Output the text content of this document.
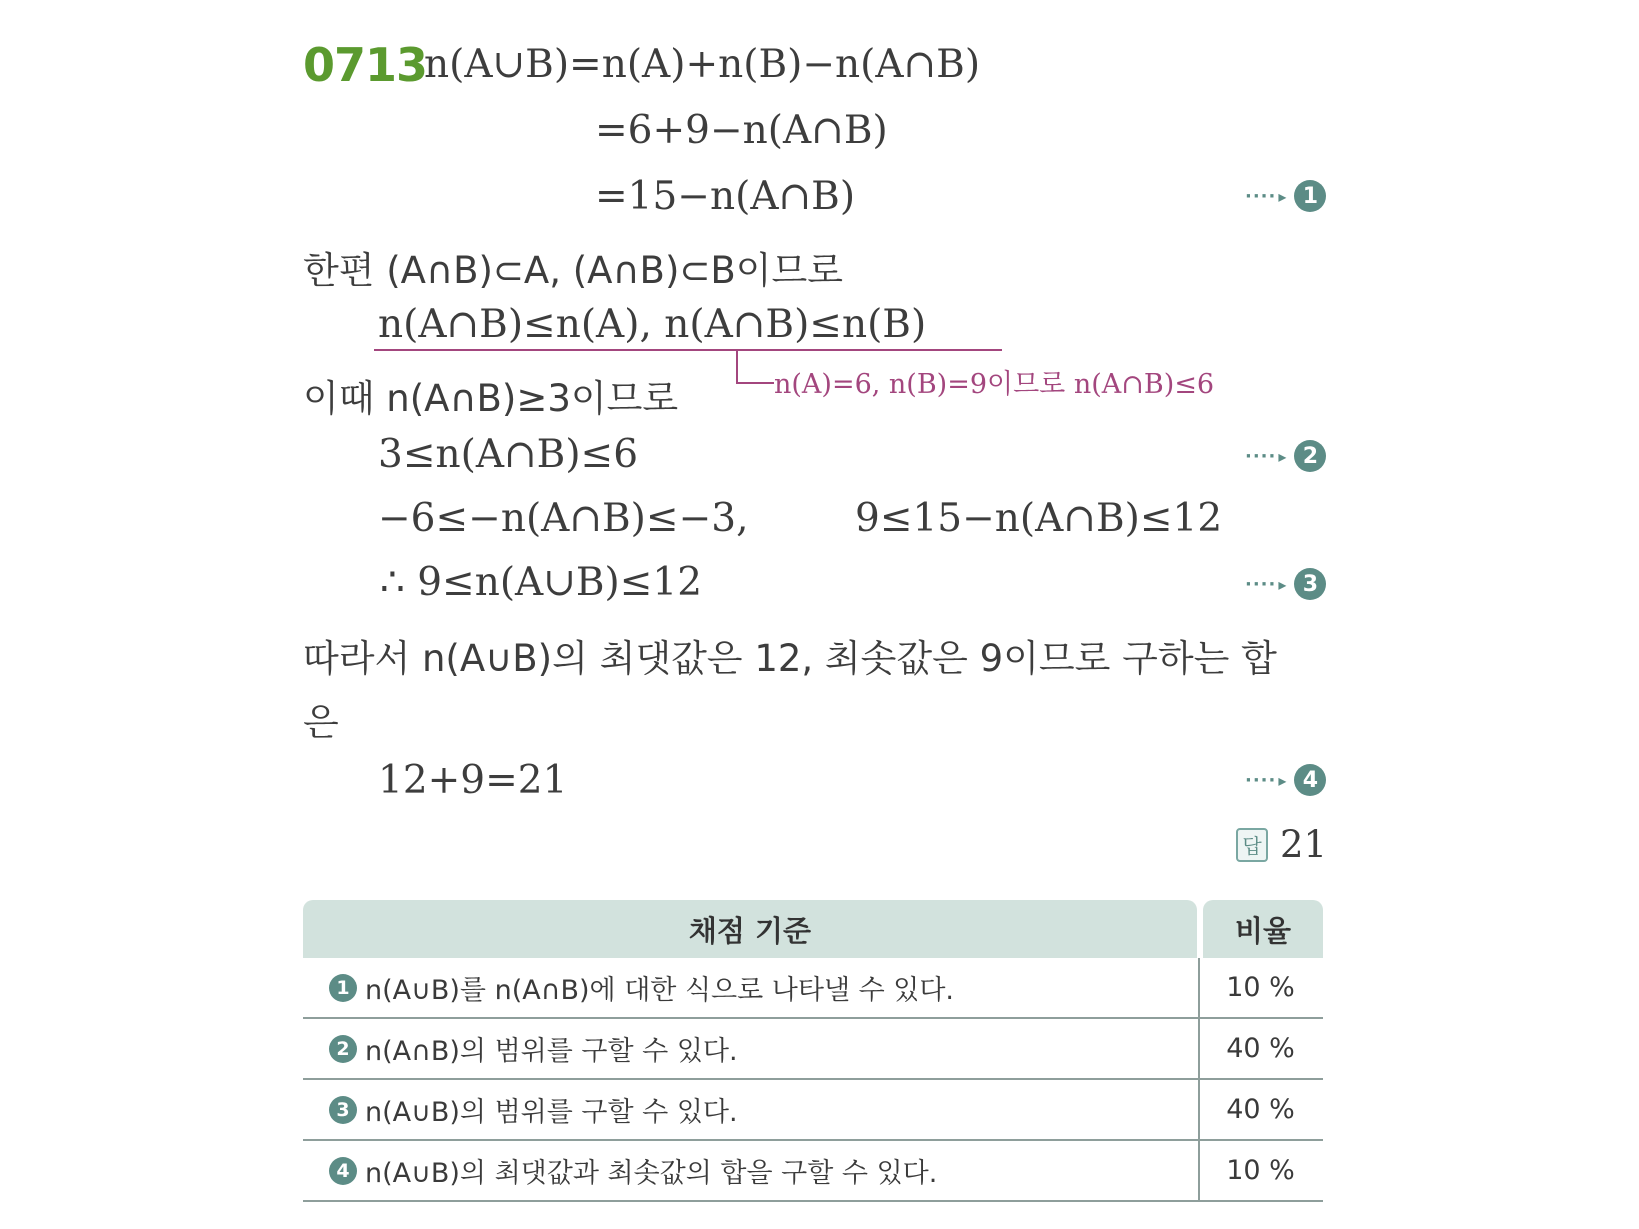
0713
n(A∪B)=n(A)+n(B)−n(A∩B)
=6+9−n(A∩B)
=15−n(A∩B)	···· ▸ 1
한편 (A∩B)⊂A, (A∩B)⊂B이므로
n(A∩B)≤n(A), n(A∩B)≤n(B)
n(A)=6, n(B)=9이므로 n(A∩B)≤6
이때 n(A∩B)≥3이므로
3≤n(A∩B)≤6	···· ▸ 2
−6≤−n(A∩B)≤−3,	9≤15−n(A∩B)≤12
∴ 9≤n(A∪B)≤12	···· ▸ 3
따라서 n(A∪B)의 최댓값은 12, 최솟값은 9이므로 구하는 합
은
12+9=21	···· ▸ 4
답 21
채점 기준	비율
1 n(A∪B)를 n(A∩B)에 대한 식으로 나타낼 수 있다.	10 %
2 n(A∩B)의 범위를 구할 수 있다.	40 %
3 n(A∪B)의 범위를 구할 수 있다.	40 %
4 n(A∪B)의 최댓값과 최솟값의 합을 구할 수 있다.	10 %
